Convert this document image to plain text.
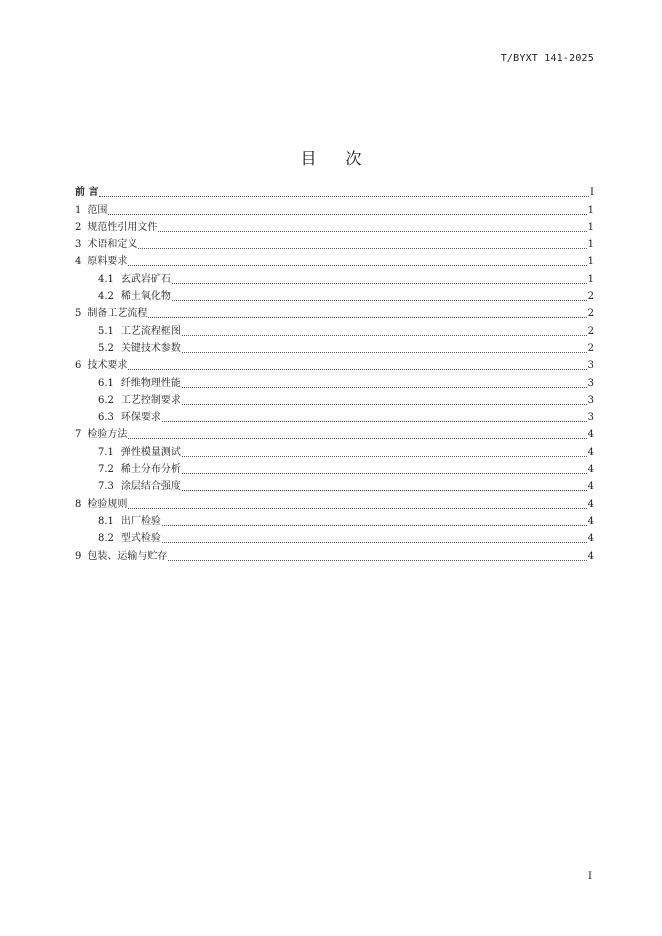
T/BYXT 141-2025
目 次
前 言	I
1 范围	1
2 规范性引用文件	1
3 术语和定义	1
4 原料要求	1
4.1 玄武岩矿石	1
4.2 稀土氧化物	2
5 制备工艺流程	2
5.1 工艺流程框图	2
5.2 关键技术参数	2
6 技术要求	3
6.1 纤维物理性能	3
6.2 工艺控制要求	3
6.3 环保要求	3
7 检验方法	4
7.1 弹性模量测试	4
7.2 稀土分布分析	4
7.3 涂层结合强度	4
8 检验规则	4
8.1 出厂检验	4
8.2 型式检验	4
9 包装、运输与贮存	4
I
